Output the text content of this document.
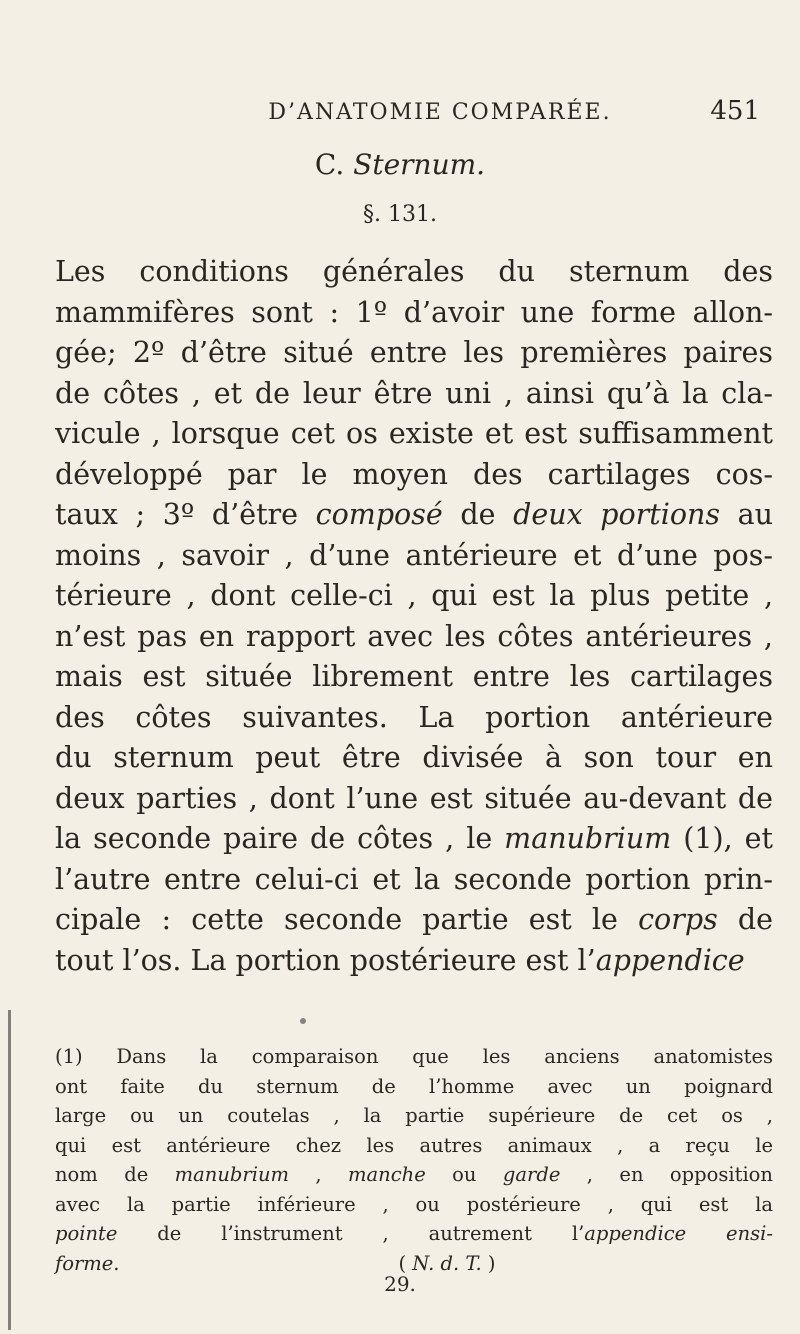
D’ANATOMIE COMPARÉE.	451
C. Sternum.
§. 131.
Les conditions générales du sternum des
mammifères sont : 1º d’avoir une forme allon-
gée; 2º d’être situé entre les premières paires
de côtes , et de leur être uni , ainsi qu’à la cla-
vicule , lorsque cet os existe et est suffisamment
développé par le moyen des cartilages cos-
taux ; 3º d’être composé de deux portions au
moins , savoir , d’une antérieure et d’une pos-
térieure , dont celle-ci , qui est la plus petite ,
n’est pas en rapport avec les côtes antérieures ,
mais est située librement entre les cartilages
des côtes suivantes. La portion antérieure
du sternum peut être divisée à son tour en
deux parties , dont l’une est située au-devant de
la seconde paire de côtes , le manubrium (1), et
l’autre entre celui-ci et la seconde portion prin-
cipale : cette seconde partie est le corps de
tout l’os. La portion postérieure est l’appendice
(1) Dans la comparaison que les anciens anatomistes
ont faite du sternum de l’homme avec un poignard
large ou un coutelas , la partie supérieure de cet os ,
qui est antérieure chez les autres animaux , a reçu le
nom de manubrium , manche ou garde , en opposition
avec la partie inférieure , ou postérieure , qui est la
pointe de l’instrument , autrement l’appendice ensi-
forme.                                             ( N. d. T. )
29.
